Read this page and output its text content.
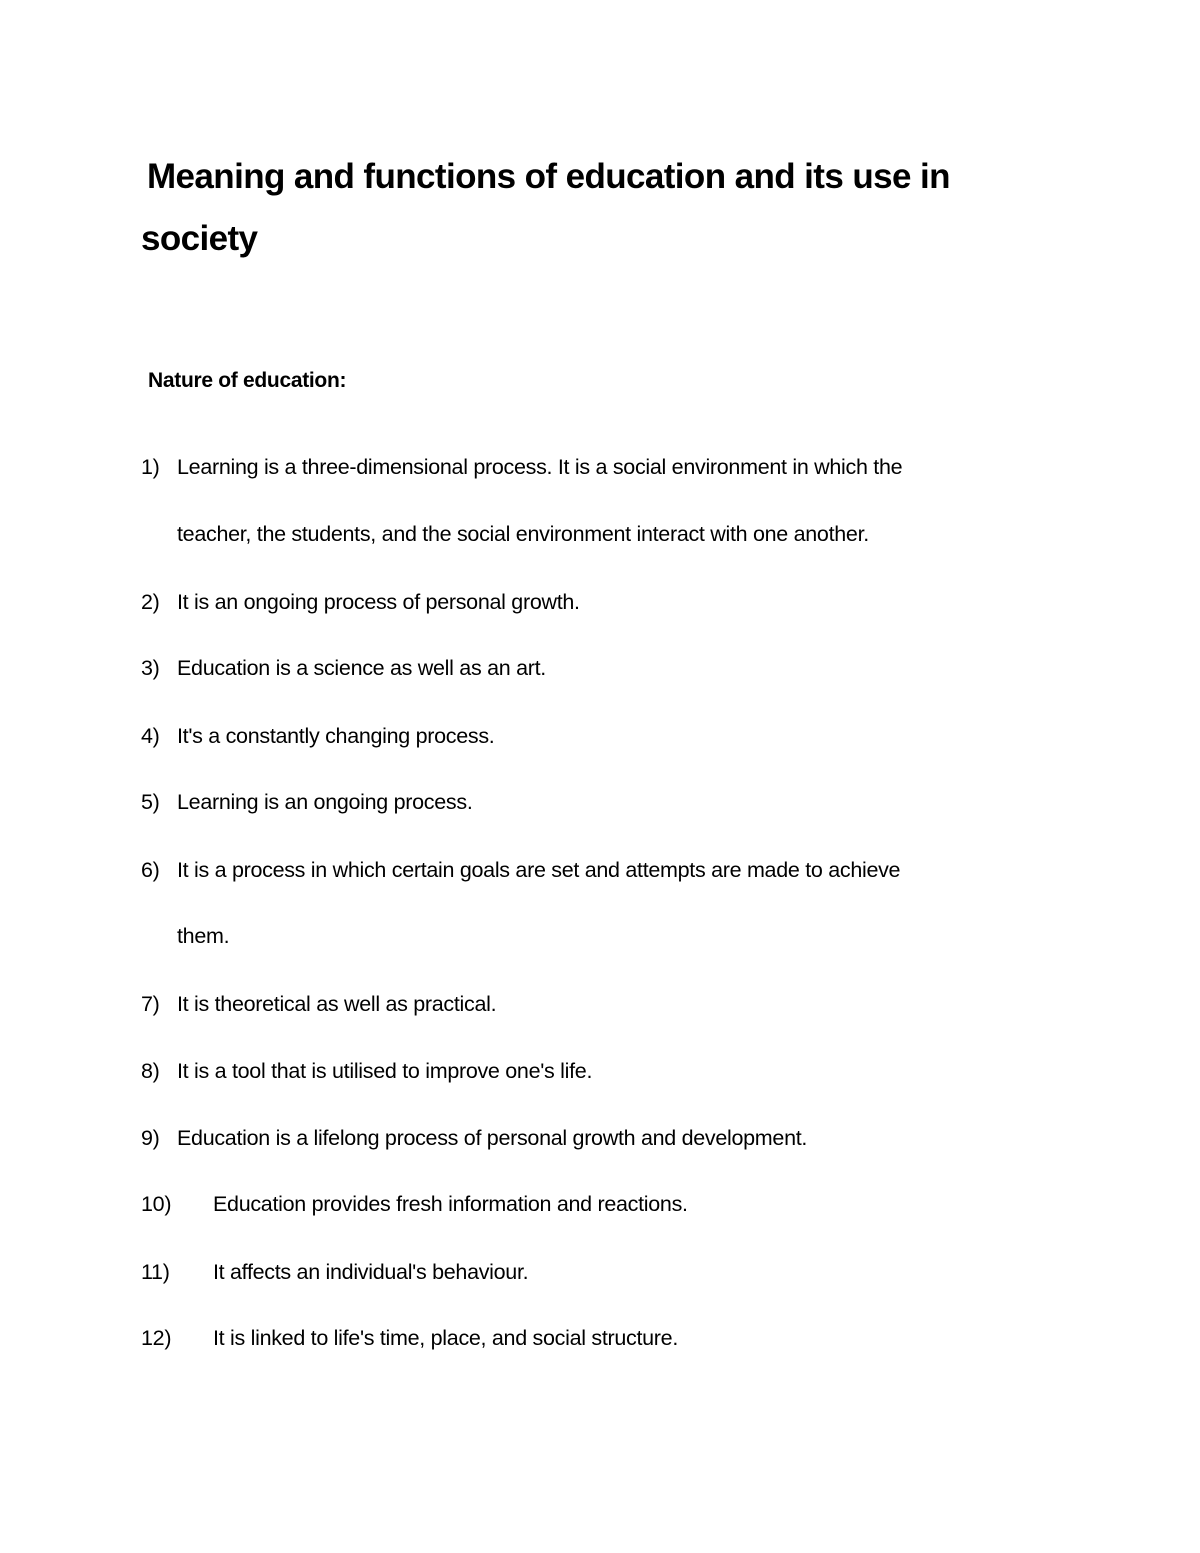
Meaning and functions of education and its use in
society
Nature of education:
1) Learning is a three-dimensional process. It is a social environment in which the
teacher, the students, and the social environment interact with one another.
2) It is an ongoing process of personal growth.
3) Education is a science as well as an art.
4) It's a constantly changing process.
5) Learning is an ongoing process.
6) It is a process in which certain goals are set and attempts are made to achieve
them.
7) It is theoretical as well as practical.
8) It is a tool that is utilised to improve one's life.
9) Education is a lifelong process of personal growth and development.
10) Education provides fresh information and reactions.
11) It affects an individual's behaviour.
12) It is linked to life's time, place, and social structure.
